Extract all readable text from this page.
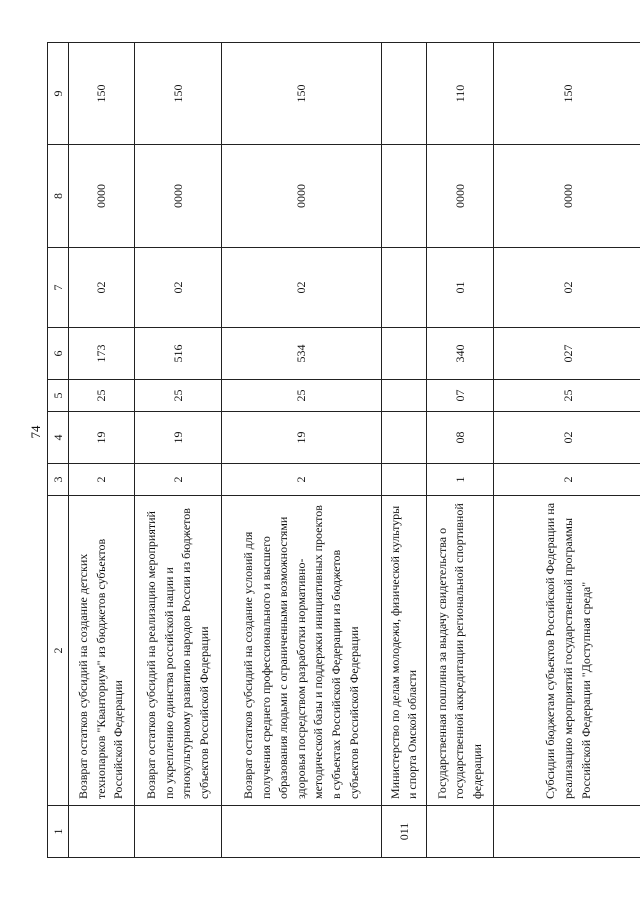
74
1	2	3	4	5	6	7	8	9
	Возврат остатков субсидий на создание детских технопарков "Кванториум" из бюджетов субъектов Российской Федерации	2	19	25	173	02	0000	150
	Возврат остатков субсидий на реализацию мероприятий по укреплению единства российской нации и этнокультурному развитию народов России из бюджетов субъектов Российской Федерации	2	19	25	516	02	0000	150
	Возврат остатков субсидий на создание условий для получения среднего профессионального и высшего образования людьми с ограниченными возможностями здоровья посредством разработки нормативно-методической базы и поддержки инициативных проектов в субъектах Российской Федерации из бюджетов субъектов Российской Федерации	2	19	25	534	02	0000	150
011	Министерство по делам молодежи, физической культуры и спорта Омской области							
	Государственная пошлина за выдачу свидетельства о государственной аккредитации региональной спортивной федерации	1	08	07	340	01	0000	110
	Субсидии бюджетам субъектов Российской Федерации на реализацию мероприятий государственной программы Российской Федерации "Доступная среда"	2	02	25	027	02	0000	150
